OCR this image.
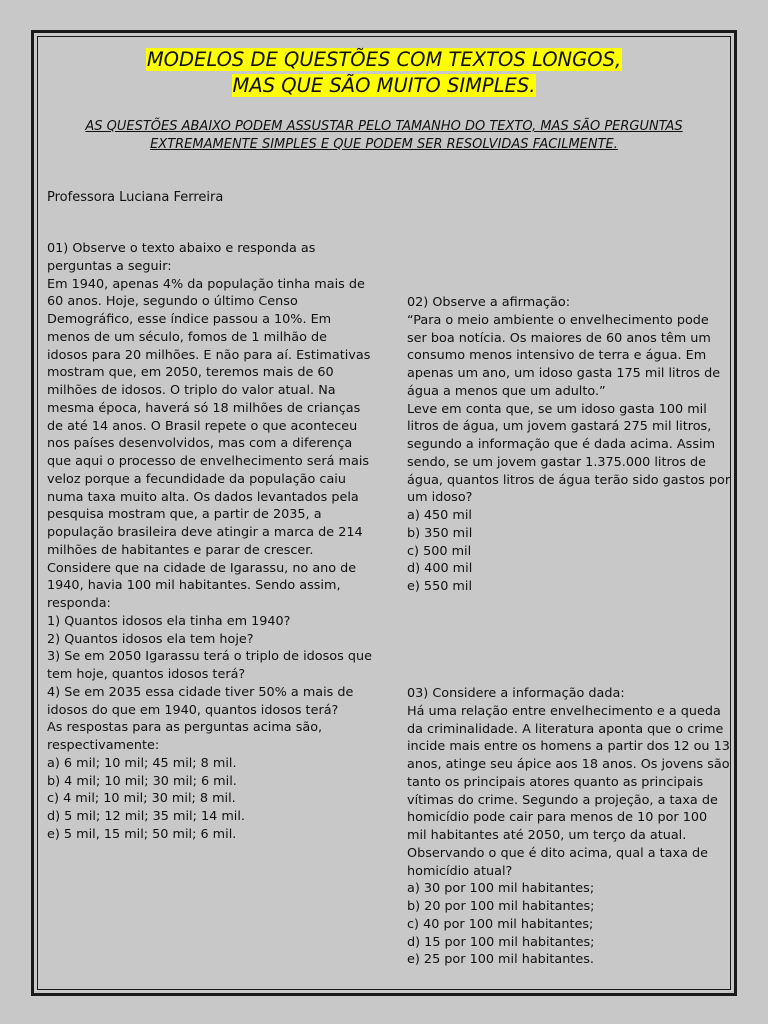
MODELOS DE QUESTÕES COM TEXTOS LONGOS,
MAS QUE SÃO MUITO SIMPLES.
AS QUESTÕES ABAIXO PODEM ASSUSTAR PELO TAMANHO DO TEXTO, MAS SÃO PERGUNTAS
EXTREMAMENTE SIMPLES E QUE PODEM SER RESOLVIDAS FACILMENTE.
Professora Luciana Ferreira
01) Observe o texto abaixo e responda as
perguntas a seguir:
Em 1940, apenas 4% da população tinha mais de
60 anos. Hoje, segundo o último Censo
Demográfico, esse índice passou a 10%. Em
menos de um século, fomos de 1 milhão de
idosos para 20 milhões. E não para aí. Estimativas
mostram que, em 2050, teremos mais de 60
milhões de idosos. O triplo do valor atual. Na
mesma época, haverá só 18 milhões de crianças
de até 14 anos. O Brasil repete o que aconteceu
nos países desenvolvidos, mas com a diferença
que aqui o processo de envelhecimento será mais
veloz porque a fecundidade da população caiu
numa taxa muito alta. Os dados levantados pela
pesquisa mostram que, a partir de 2035, a
população brasileira deve atingir a marca de 214
milhões de habitantes e parar de crescer.
Considere que na cidade de Igarassu, no ano de
1940, havia 100 mil habitantes. Sendo assim,
responda:
1) Quantos idosos ela tinha em 1940?
2) Quantos idosos ela tem hoje?
3) Se em 2050 Igarassu terá o triplo de idosos que
tem hoje, quantos idosos terá?
4) Se em 2035 essa cidade tiver 50% a mais de
idosos do que em 1940, quantos idosos terá?
As respostas para as perguntas acima são,
respectivamente:
a) 6 mil; 10 mil; 45 mil; 8 mil.
b) 4 mil; 10 mil; 30 mil; 6 mil.
c) 4 mil; 10 mil; 30 mil; 8 mil.
d) 5 mil; 12 mil; 35 mil; 14 mil.
e) 5 mil, 15 mil; 50 mil; 6 mil.
02) Observe a afirmação:
“Para o meio ambiente o envelhecimento pode
ser boa notícia. Os maiores de 60 anos têm um
consumo menos intensivo de terra e água. Em
apenas um ano, um idoso gasta 175 mil litros de
água a menos que um adulto.”
Leve em conta que, se um idoso gasta 100 mil
litros de água, um jovem gastará 275 mil litros,
segundo a informação que é dada acima. Assim
sendo, se um jovem gastar 1.375.000 litros de
água, quantos litros de água terão sido gastos por
um idoso?
a) 450 mil
b) 350 mil
c) 500 mil
d) 400 mil
e) 550 mil
03) Considere a informação dada:
Há uma relação entre envelhecimento e a queda
da criminalidade. A literatura aponta que o crime
incide mais entre os homens a partir dos 12 ou 13
anos, atinge seu ápice aos 18 anos. Os jovens são
tanto os principais atores quanto as principais
vítimas do crime. Segundo a projeção, a taxa de
homicídio pode cair para menos de 10 por 100
mil habitantes até 2050, um terço da atual.
Observando o que é dito acima, qual a taxa de
homicídio atual?
a) 30 por 100 mil habitantes;
b) 20 por 100 mil habitantes;
c) 40 por 100 mil habitantes;
d) 15 por 100 mil habitantes;
e) 25 por 100 mil habitantes.
